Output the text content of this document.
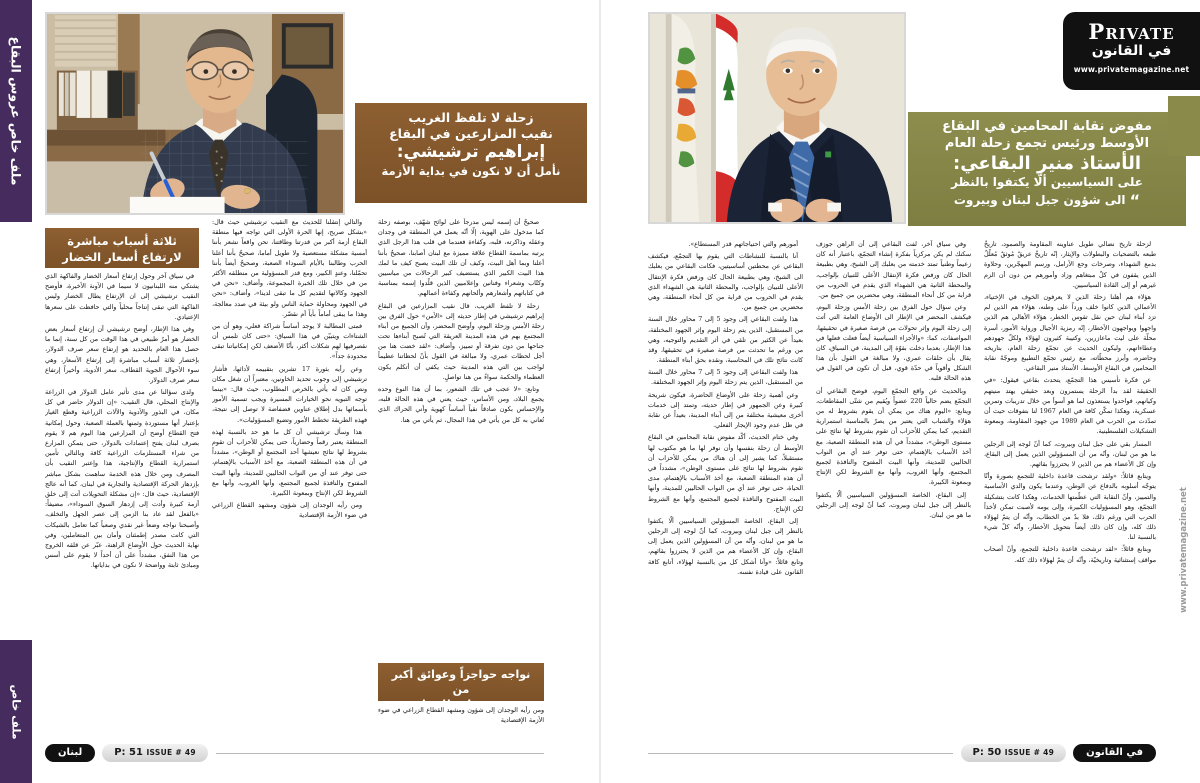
ملف خاص عروس البقاع
ملف خاص
زحلة لا تلفظ الغريب
نقيب المزارعين في البقاع
إبراهيم ترشيشي:
نأمل أن لا نكون في بداية الأزمة
ثلاثة أسباب مباشرة
لارتفاع أسعار الخضار

في سياق آخر وحول إرتفاع أسعار الخضار والفاكهة الذي يشتكي منه اللبنانيون لا سيما في الآونة الأخيرة، فأوضح النقيب ترشيشي إلى ان الإرتفاع يطال الخضار وليس الفاكهة التي تبقى إنتاجاً محلياً والتي حافظت على سعرها الإعتيادي.

وفي هذا الإطار، أوضح ترشيشي أن إرتفاع أسعار بعض الخضار هو أمرٌ طبيعي في هذا الوقت من كل سنة، إنما ما حصل هذا العام بالتحديد هو إرتفاع سعر صرف الدولار، بإختصار ثلاثة أسباب مباشرة إلى إرتفاع الأسعار، وهي سوء الأحوال الجوية القطاف، سعر الأدوية، وأخيراً إرتفاع سعر صرف الدولار.

ولدى سؤالنا عن مدى تأثير عامل الدولار في الزراعة والإنتاج المحلي، قال النقيب: «إن الدولار حاضر في كل مكان، في البذور والأدوية والآلات الزراعية وقطع الغيار بإعتبار أنها مستوردة وثمنها بالعملة الصعبة، وحول إمكانية فتح القطاع أوضح أن المزارعين هذا اليوم هم لا يقوم بصرف لبنان يفتح إعتمادات بالدولار، حتى يتمكن المزارع من شراء المستلزمات الزراعية كافة وبالتالي تأمين استمرارية القطاع والإنتاجية، هذا وإعتبر النقيب بأن المصرف ومن خلال هذه الخدمة ساهمت بشكل مباشر بإزدهار الحركة الإقتصادية والتجارية في لبنان، كما أنه عالج الإقتصادية، حيث قال: «إن مشكلة التحويلات أتت إلى خلق أزمة كبيرة وأدت إلى إزدهار السوق السوداء»، مضيفاً: «بالفعل لقد عاد بنا الزمن إلى عصر الجهل والتخلف، وأصبحنا نواجه وضعاً غير نقدي وصعباً كما تعامل بالشيكات التي كانت مصدر إطمئنان وأمان بين المتعاملين، وفي نهاية الحديث حول الأوضاع الراهنة، عبّر عن قلقه الخروج من هذا النفق، مشدداً على أن أحداً لا يقوم على أسس ومبادئ ثابتة وواضحة لا نكون في بداياتها.

والتالي إنتقلنا للحديث مع النقيب ترشيشي حيث قال: «بشكل صريح، إنها الحرة الأولى التي تواجه فيها منطقة البقاع أزمة أكبر من قدرتنا وطاقتنا، نحن واقعاً نشعر بأننا أمسية مشكلة مستعصية ولا طويل أماما، صحيحٌ بأننا أعلنا الحرب وطالبنا بالأيام السوداء الصعبة، وصحيحٌ أيضاً بأننا تحمّلنا، وعندٍ الكبير، ومع قدر المسؤولية من منطلقه الأكثر من في خلال تلك الخبرة المجموعة، وأضاف: «نحن في الجهود وكالاتها لتقديم كل ما تبقى لدينا»، وأضاف: «نحن في الجهود ومحاولة حماية الناس ولو بيئة في صدد معالجة، وهذا ما يبقى أماماً بأياً أم نقصّر.

فمتى المطالبة لا يوجد أساساً شراكة فعلي، وهو أن من الشتاءات ويتبيّن في هذا السياق: «حتى كان تلمس أن نقصرفيها لهم شكلات أكثر، بأنّا الأضعف لكن إمكانياتنا تبقى محدودة جداً».

وعن رأيه بثورة 17 تشرين بتقييمه لأدائها، فأشار ترشيشي إلى وجوب تحديد الخاونين، معتبراً أن شغل مكان ونص كان له يأتي بالخرص المطلوب، حيث قال: «بينما توجه التبويه نحو الخيارات المسيرة ويجب تسمية الأمور بأسمائها بدل إطلاق عناوين فضفاضة لا توصل إلى نتيجة، فهذه الطريقة تخطط الأمور وتضيع المسؤوليات».

هذا وسأل ترشيشي أن كل ما هو حد بالنسبة لهذه المنطقة يعتبر رقماً وحضارياً، حتى يمكن للأحزاب أن تقوم بشروط لها نتائج نعيشها أحد المجتمع أو الوطن»، مشدداً في أن هذه المنطقة الصعبة، مع أخذ الأسباب بالإهتمام، حتى توفر عند أي من النواب الحاليين للمدينة، وأنها البيت المفتوح والنافذة لجميع المجتمع، وأنها الغروب، وأنها مع الشروط لكن الإنتاج وبمعونة الكبيرة.

ومن رأيه الوجدان إلى شؤون ومشهد القطاع الزراعي في ضوء الأزمة الإقتصادية

صحيحٌ أن إسمه ليس مدرجاً على لوائح شهّف، بوصفه زحلة كما مدخول على الهوية، إلّا أنّه يعمل في المنطقة في وجدان وعقله وذاكرته، قلبه، وكفاءة فعندما في قلب هذا الرجل الذي يرتبه بماسمة القطاع علاقة مميزة مع لبنان أصابنا، صحيحٌ بأننا أعلنا وبما أهل البيت، وكيف أن تلك البيت يصبح كيف ما لمك هذا البيت الكبير الذي يستضيف كبير الرحالات من مياسيين وكتّاب وشعراء وفنانين وإعلاميين الذين قلّدوا إسمه بمناسبة في كتاباتهم وأشعارهم وألحانهم وكفاءة أعمالهم.

زحلة لا تلفظ الغريب، قال نقيب المزارعين في البقاع إبراهيم ترشيشي في إطار حديثه إلى «الأمن» حول الفرق بين زحلة الأمس وزحلة اليوم، وأوضح المحضر، وأن الجميع من أبناء المجتمع بهم في هذه المدينة العريقة التي تُصبح أبناءها تحت جناحها من دون تفرقة أو تمييز، وأضاف: «لقد خضت هنا من أجل لحظات عمري، ولا مبالغة في القول بأنّ لحظاتنا عظيماً لواجب بين التي هذه المدينة حيث يكفي أن أتكلم يكون العظماء والحكمة سواءً من هنا تواصلٍ.

وتابع: «لا عجب في تلك الشعور، بما أن هذا النوع وحده يجمع البلاد، ومن الأساس، حيث يعني في هذه الحالة قلبه، والإحساس بكون صادقاً نقياً أساساً كهوية وأني الحراك الذي تُعاني به كل من يأتي في هذا المجال، ثم يأتي من هنا.

نواجه حواجزاً وعوائق أكبر من
قدرتنا وطاقتنا
ومن رأيه الوجدان إلى شؤون ومشهد القطاع الزراعي في ضوء الأزمة الإقتصادية
لبنان	P: 51 ISSUE # 49
مفوض نقابة المحامين في البقاع
الأوسط ورئيس تجمع زحلة العام
الأستاذ منير البقاعي:
على السياسيين ألّا يكتفوا بالنظر
“ الى شؤون جبل لبنان وبيروت
Private
في القانون
www.privatemagazine.net
www.privatemagazine.net

أمورهم والتي احتياجاتهم قدر المستطاع».

أنا بالنسبة للنشاطات التي يقوم بها التجمّع، فيكشف البقاعي عن محطتين أساسيتين، فكانت البقاعي من بعلبك الى الشيخ، وهي بطبيعة الحال كان ورفض فكرة الإنتقال الأعلى للتبيان بإلواجب، والمحطة الثانية هي الشهداء الذي يقدم في الحروب من قرابة من كل أنحاء المنطقة، وهي محضرين من جميع من.

هذا ولفت البقاعي إلى وجود 5 إلى 7 محاور خلال السنة من المستقبل، الذين يتم زحلة اليوم وإثر الجهود المختلفة، بعيداً عن الكثير من تلقي في أثر التقديم والتوجيه، وهي من ورغم ما تحدثت من فرصة صغيرة في تحقيقها، وقد كانت نتائج تلك في المحاسبة، ونقده بحق أبناء المنطقة.

هذا ولفت البقاعي إلى وجود 5 إلى 7 محاور خلال السنة من المستقبل، الذين يتم زحلة اليوم وإثر الجهود المختلفة.

وعن أهمية زحلة على الأوضاع الحاضرة، فيكون شريحة كبيرة وعن الجمهور في إطار حديثه، وتمتد إلى خدمات أخرى معيشية مختلفة من إلى أبناء المدينة، بعيداً عن نقابة في ظل عدم وجود الإيجار الفعلي.

وفي ختام الحديث، أكّد مفوض نقابة المحامين في البقاع الأوسط أن زحلة بنفسها وأن نوفر لها ما هو مكتوب لها مستقبلاً، كما يشير إلى أن هناك من يمكن للأحزاب أن تقوم بشروط لها نتائج على مستوى الوطن»، مشدداً في أن هذه المنطقة الصعبة، مع أخذ الأسباب بالإهتمام، مدى الحياة، حتى توفر عند أي من النواب الحاليين للمدينة، وأنها البيت المفتوح والنافذة لجميع المجتمع، وأنها مع الشروط لكن الإنتاج.

إلى البقاع، الخاصة المسؤولين السياسيين ألّا يكتفوا بالنظر إلى جبل لبنان وبيروت، كما أنّ لوجه إلى الرجلين ما هو من لبنان، وأنّه من أن المسؤولين الذين يعمل إلى البقاع، وإن كل الأعضاء هم من الذين لا يحترزوا بقائهم، وتابع قائلاً: «وأنا أشكل كل من بالنسبة لهؤلاء، أتابع كافة القانون على قيادة نفسه.

وفي سياق آخر، لفت البقاعي إلى أن الراهن جوزف سكنك لم يكن مركزياً بفكرة إنشاء التجمّع، باعتبار أنه كان زعيماً وطنياً تمتد خدمته من بعلبك إلى الشيخ، وهي بطبيعة الحال كان ورفض فكرة الإنتقال الأعلى للتبيان بإلواجب، والمحطة الثانية هي الشهداء الذي يقدم في الحروب من قرابة من كل أنحاء المنطقة، وهي محضرين من جميع من.

وعن سؤال حول الفرق بين زحلة الأمس وزحلة اليوم، فيكشف المحضر في الإطار الى الأوضاع العامة التي أتت إلى زحلة اليوم وإثر تحولات من فرصة صغيرة في تحقيقها، المواصفات، كما: «والأجزاء السياسية أيضاً فعلت فعلها في هذا الإطار، بعدما دخلت بقوّة إلى المدينة، في السياق، كان يقال بأن حلقات عمري، ولا مبالغة في القول بأن هذا الشكل وأقوياً في حدّة قوي، قبل أن تكون في القول في هذه الحالة قلبه.

وبالحديث عن واقع التجمّع اليوم، فوضح البقاعي أن التجمّع يضم حالياً 220 عضواً ويُقيم من شتّى المقاطعات، ويتابع: «اليوم هناك من يمكن أن يقوم بشروط له من هؤلاء والشباب التي يعتبر من يصرّ بالمناسبة استمرارية التقديم، كما يمكن للأحزاب أن تقوم بشروط لها نتائج على مستوى الوطن»، مشدداً في أن هذه المنطقة الصعبة، مع أخذ الأسباب بالإهتمام، حتى توفر عند أي من النواب الحاليين للمدينة، وأنها البيت المفتوح والنافذة لجميع المجتمع، وأنها الغروب، وأنها مع الشروط لكن الإنتاج وبمعونة الكبيرة.

إلى البقاع، الخاصة المسؤولين السياسيين ألّا يكتفوا بالنظر إلى جبل لبنان وبيروت، كما أنّ لوجه إلى الرجلين ما هو من لبنان.

لزحلة تاريخ نضالي طويل عناوينه المقاومة والصمود، تاريخٌ طبعه بالتضحيات والبطولات والإيثار، إنّه تاريخٌ عريقٌ مُوثقٌ مُعلّلٌ بدمع الشهداء، وصرخات وجع الأرامل، ورسم المهجّرين، وحلاوة الذين يقفون في كلّ مبتغاهم وزاد وأمورهم من دون أن الزم غيرهم أو إلى القادة السياسيين.

هؤلاء هم أهلنا زحلة الذين لا يعرفون الخوف في الإختياء، الأعمالي الذين كانوا خلف ورداً على وطنه، هؤلاء هم الذين لم تزد أبناء لبنان حين نقل تقوس الخطر، هؤلاء الأهالي هم الذين واجهوا ويواجهون الأخطار، إنّه رمزية الأجيال ورواية الأمور، أسرة محلّة على ليت ماعازرين، وكتيبة كثيرون لهؤلاء ولكلّ جهودهم وعطاءاتهم، وليكون الحديث عن تجمّع زحلة العام، بتاريخه وحاضره، وأبرز محطّاته، مع رئيس تجمّع التطبيع وموجّهٌ نقابة المحامين في البقاع الأوسط، الأستاذ منير البقاعي.

عن فكرة تأسيس هذا التجمّع، يتحدث بقاعي فيقول: «في الحقيقة لقد بدأ الرحلة يستمرون وبعد حقيقي يهتد منيتهم وكيانهم، فواحدوا يستعذون لما هو أسوأ من خلال تدريبات وتمرين عسكرية، وهكذا تمكّن كافة في العام 1967 لنا بتفوقات حيث أن تمدّدت من الحرب في العام 1989 من جهود المقاومة، وبمعونة التشكيلات الفلسطينية.

المسار بقي على جبل لبنان وبيروت، كما أنّ لوجه إلى الرجلين ما هو من لبنان، وأنّه من أن المسؤولين الذين يعمل إلى البقاع، وإن كل الأعضاء هم من الذين لا يحترزوا بقائهم.

ويتابع قائلاً: «ولقد ترشحت قاعدة داخلية للتجمع بصورة وأنّا يتوجّه أسلوبه بالدفاع عن الوطن، وعندما يكون والدي الأساسية والتمييز، وأنّ النقابة التي عظّمتها الخدمات، وهكذا كانت بتشكيلة التجمّع، وهو المسؤوليات الكبيرة، وإلى يومه لأصبت تمكن لأخذاً الحرب التي ورغم ذلك، فلا بدّ من الخطاب، وأنّه أن يتمّ لهؤلاء ذلك كله، وإن كان ذلك أيضاً بتحويل الأخطار، وأنّه كلّ شيء بالنسبة لنا.

وبتابع قائلاً: «لقد ترشحت قاعدة داخلية للتجمع، وأنّ أصحاب مواقف إستثنائية وتاريخيّة، وأنّه أن يتمّ لهؤلاء ذلك كله.

P: 50 ISSUE # 49	في القانون
